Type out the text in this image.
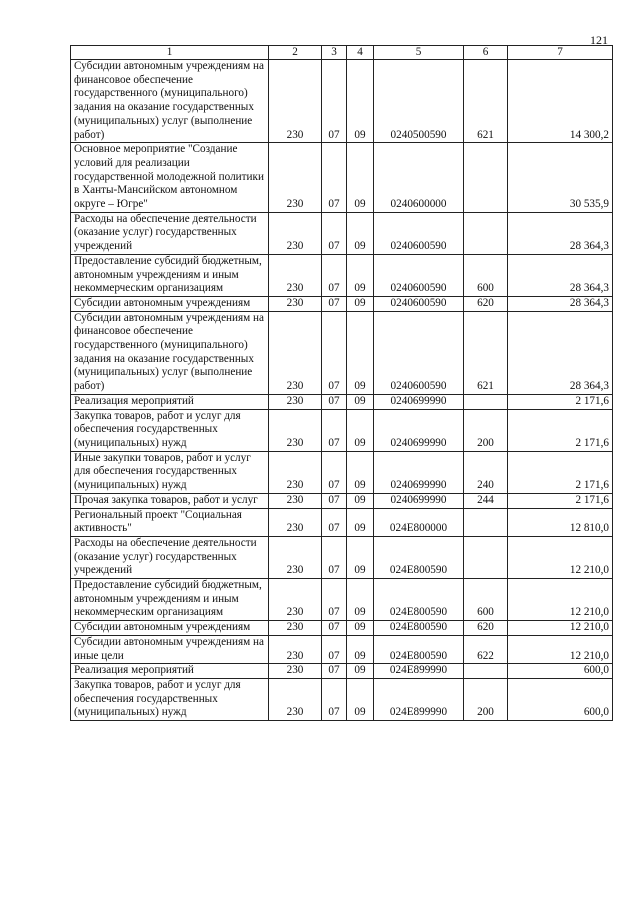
121
1	2	3	4	5	6	7
Субсидии автономным учреждениям на финансовое обеспечение государственного (муниципального) задания на оказание государственных (муниципальных) услуг (выполнение работ)	230	07	09	0240500590	621	14 300,2
Основное мероприятие "Создание условий для реализации государственной молодежной политики в Ханты-Мансийском автономном округе – Югре"	230	07	09	0240600000		30 535,9
Расходы на обеспечение деятельности (оказание услуг) государственных учреждений	230	07	09	0240600590		28 364,3
Предоставление субсидий бюджетным, автономным учреждениям и иным некоммерческим организациям	230	07	09	0240600590	600	28 364,3
Субсидии автономным учреждениям	230	07	09	0240600590	620	28 364,3
Субсидии автономным учреждениям на финансовое обеспечение государственного (муниципального) задания на оказание государственных (муниципальных) услуг (выполнение работ)	230	07	09	0240600590	621	28 364,3
Реализация мероприятий	230	07	09	0240699990		2 171,6
Закупка товаров, работ и услуг для обеспечения государственных (муниципальных) нужд	230	07	09	0240699990	200	2 171,6
Иные закупки товаров, работ и услуг для обеспечения государственных (муниципальных) нужд	230	07	09	0240699990	240	2 171,6
Прочая закупка товаров, работ и услуг	230	07	09	0240699990	244	2 171,6
Региональный проект "Социальная активность"	230	07	09	024E800000		12 810,0
Расходы на обеспечение деятельности (оказание услуг) государственных учреждений	230	07	09	024E800590		12 210,0
Предоставление субсидий бюджетным, автономным учреждениям и иным некоммерческим организациям	230	07	09	024E800590	600	12 210,0
Субсидии автономным учреждениям	230	07	09	024E800590	620	12 210,0
Субсидии автономным учреждениям на иные цели	230	07	09	024E800590	622	12 210,0
Реализация мероприятий	230	07	09	024E899990		600,0
Закупка товаров, работ и услуг для обеспечения государственных (муниципальных) нужд	230	07	09	024E899990	200	600,0
